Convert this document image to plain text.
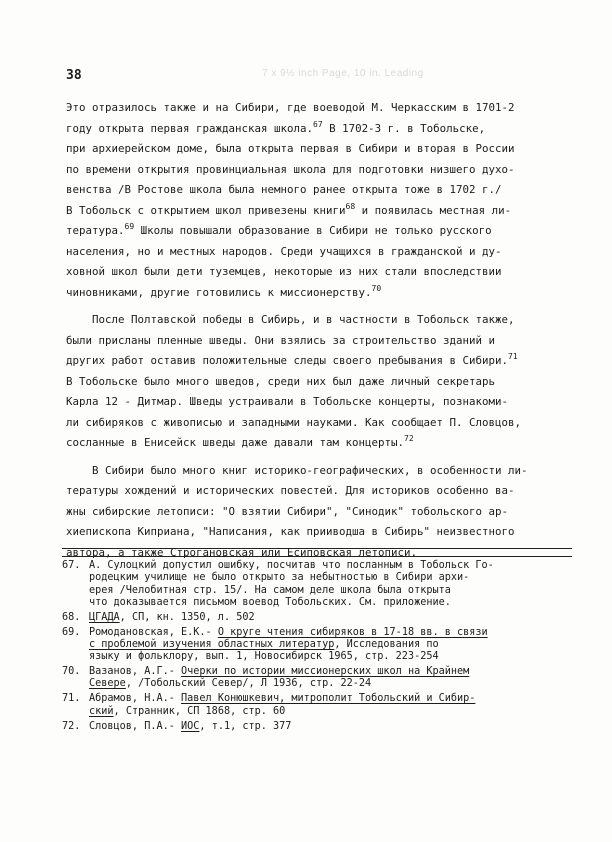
38	7 x 9½ inch Page, 10 in. Leading
Это отразилось также и на Сибири, где воеводой М. Черкасским в 1701-2
году открыта первая гражданская школа.$^{67}$ В 1702-3 г. в Тобольске,
при архиерейском доме, была открыта первая в Сибири и вторая в России
по времени открытия провинциальная школа для подготовки низшего духо-
венства /В Ростове школа была немного ранее открыта тоже в 1702 г./
В Тобольск с открытием школ привезены книги$^{68}$ и появилась местная ли-
тература.$^{69}$ Школы повышали образование в Сибири не только русского
населения, но и местных народов. Среди учащихся в гражданской и ду-
ховной школ были дети туземцев, некоторые из них стали впоследствии
чиновниками, другие готовились к миссионерству.$^{70}$
После Полтавской победы в Сибирь, и в частности в Тобольск также,
были присланы пленные шведы. Они взялись за строительство зданий и
других работ оставив положительные следы своего пребывания в Сибири.$^{71}$
В Тобольске было много шведов, среди них был даже личный секретарь
Карла 12 - Дитмар. Шведы устраивали в Тобольске концерты, познакоми-
ли сибиряков с живописью и западными науками. Как сообщает П. Словцов,
сосланные в Енисейск шведы даже давали там концерты.$^{72}$
В Сибири было много книг историко-географических, в особенности ли-
тературы хождений и исторических повестей. Для историков особенно ва-
жны сибирские летописи: "О взятии Сибири", "Синодик" тобольского ар-
хиепископа Киприана, "Написания, как прииводша в Сибирь" неизвестного
автора, а также Строгановская или Есиповская летописи.
67. А. Сулоцкий допустил ошибку, посчитав что посланным в Тобольск Го-
родецким училище не было открыто за небытностью в Сибири архи-
ерея /Челобитная стр. 15/. На самом деле школа была открыта
что доказывается письмом воевод Тобольских. См. приложение.
68. ЦГАДА, СП, кн. 1350, л. 502
69. Ромодановская, Е.К.- О круге чтения сибиряков в 17-18 вв. в связи
с проблемой изучения областных литератур, Исследования по
языку и фольклору, вып. 1, Новосибирск 1965, стр. 223-254
70. Вазанов, А.Г.- Очерки по истории миссионерских школ на Крайнем
Севере, /Тобольский Север/, Л 1936, стр. 22-24
71. Абрамов, Н.А.- Павел Конюшкевич, митрополит Тобольский и Сибир-
ский, Странник, СП 1868, стр. 60
72. Словцов, П.А.- ИОС, т.1, стр. 377
